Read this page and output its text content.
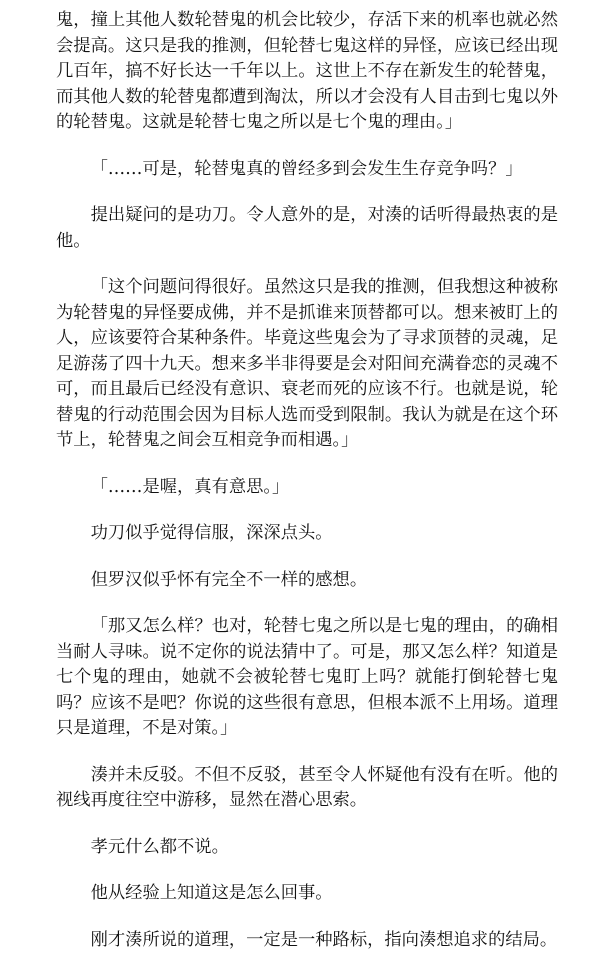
鬼，撞上其他人数轮替鬼的机会比较少，存活下来的机率也就必然会提高。这只是我的推测，但轮替七鬼这样的异怪，应该已经出现几百年，搞不好长达一千年以上。这世上不存在新发生的轮替鬼，而其他人数的轮替鬼都遭到淘汰，所以才会没有人目击到七鬼以外的轮替鬼。这就是轮替七鬼之所以是七个鬼的理由。」

「……可是，轮替鬼真的曾经多到会发生生存竞争吗？」

提出疑问的是功刀。令人意外的是，对湊的话听得最热衷的是他。

「这个问题问得很好。虽然这只是我的推测，但我想这种被称为轮替鬼的异怪要成佛，并不是抓谁来顶替都可以。想来被盯上的人，应该要符合某种条件。毕竟这些鬼会为了寻求顶替的灵魂，足足游荡了四十九天。想来多半非得要是会对阳间充满眷恋的灵魂不可，而且最后已经没有意识、衰老而死的应该不行。也就是说，轮替鬼的行动范围会因为目标人选而受到限制。我认为就是在这个环节上，轮替鬼之间会互相竞争而相遇。」

「……是喔，真有意思。」

功刀似乎觉得信服，深深点头。

但罗汉似乎怀有完全不一样的感想。

「那又怎么样？也对，轮替七鬼之所以是七鬼的理由，的确相当耐人寻味。说不定你的说法猜中了。可是，那又怎么样？知道是七个鬼的理由，她就不会被轮替七鬼盯上吗？就能打倒轮替七鬼吗？应该不是吧？你说的这些很有意思，但根本派不上用场。道理只是道理，不是对策。」

湊并未反驳。不但不反驳，甚至令人怀疑他有没有在听。他的视线再度往空中游移，显然在潜心思索。

孝元什么都不说。

他从经验上知道这是怎么回事。

刚才湊所说的道理，一定是一种路标，指向湊想追求的结局。
